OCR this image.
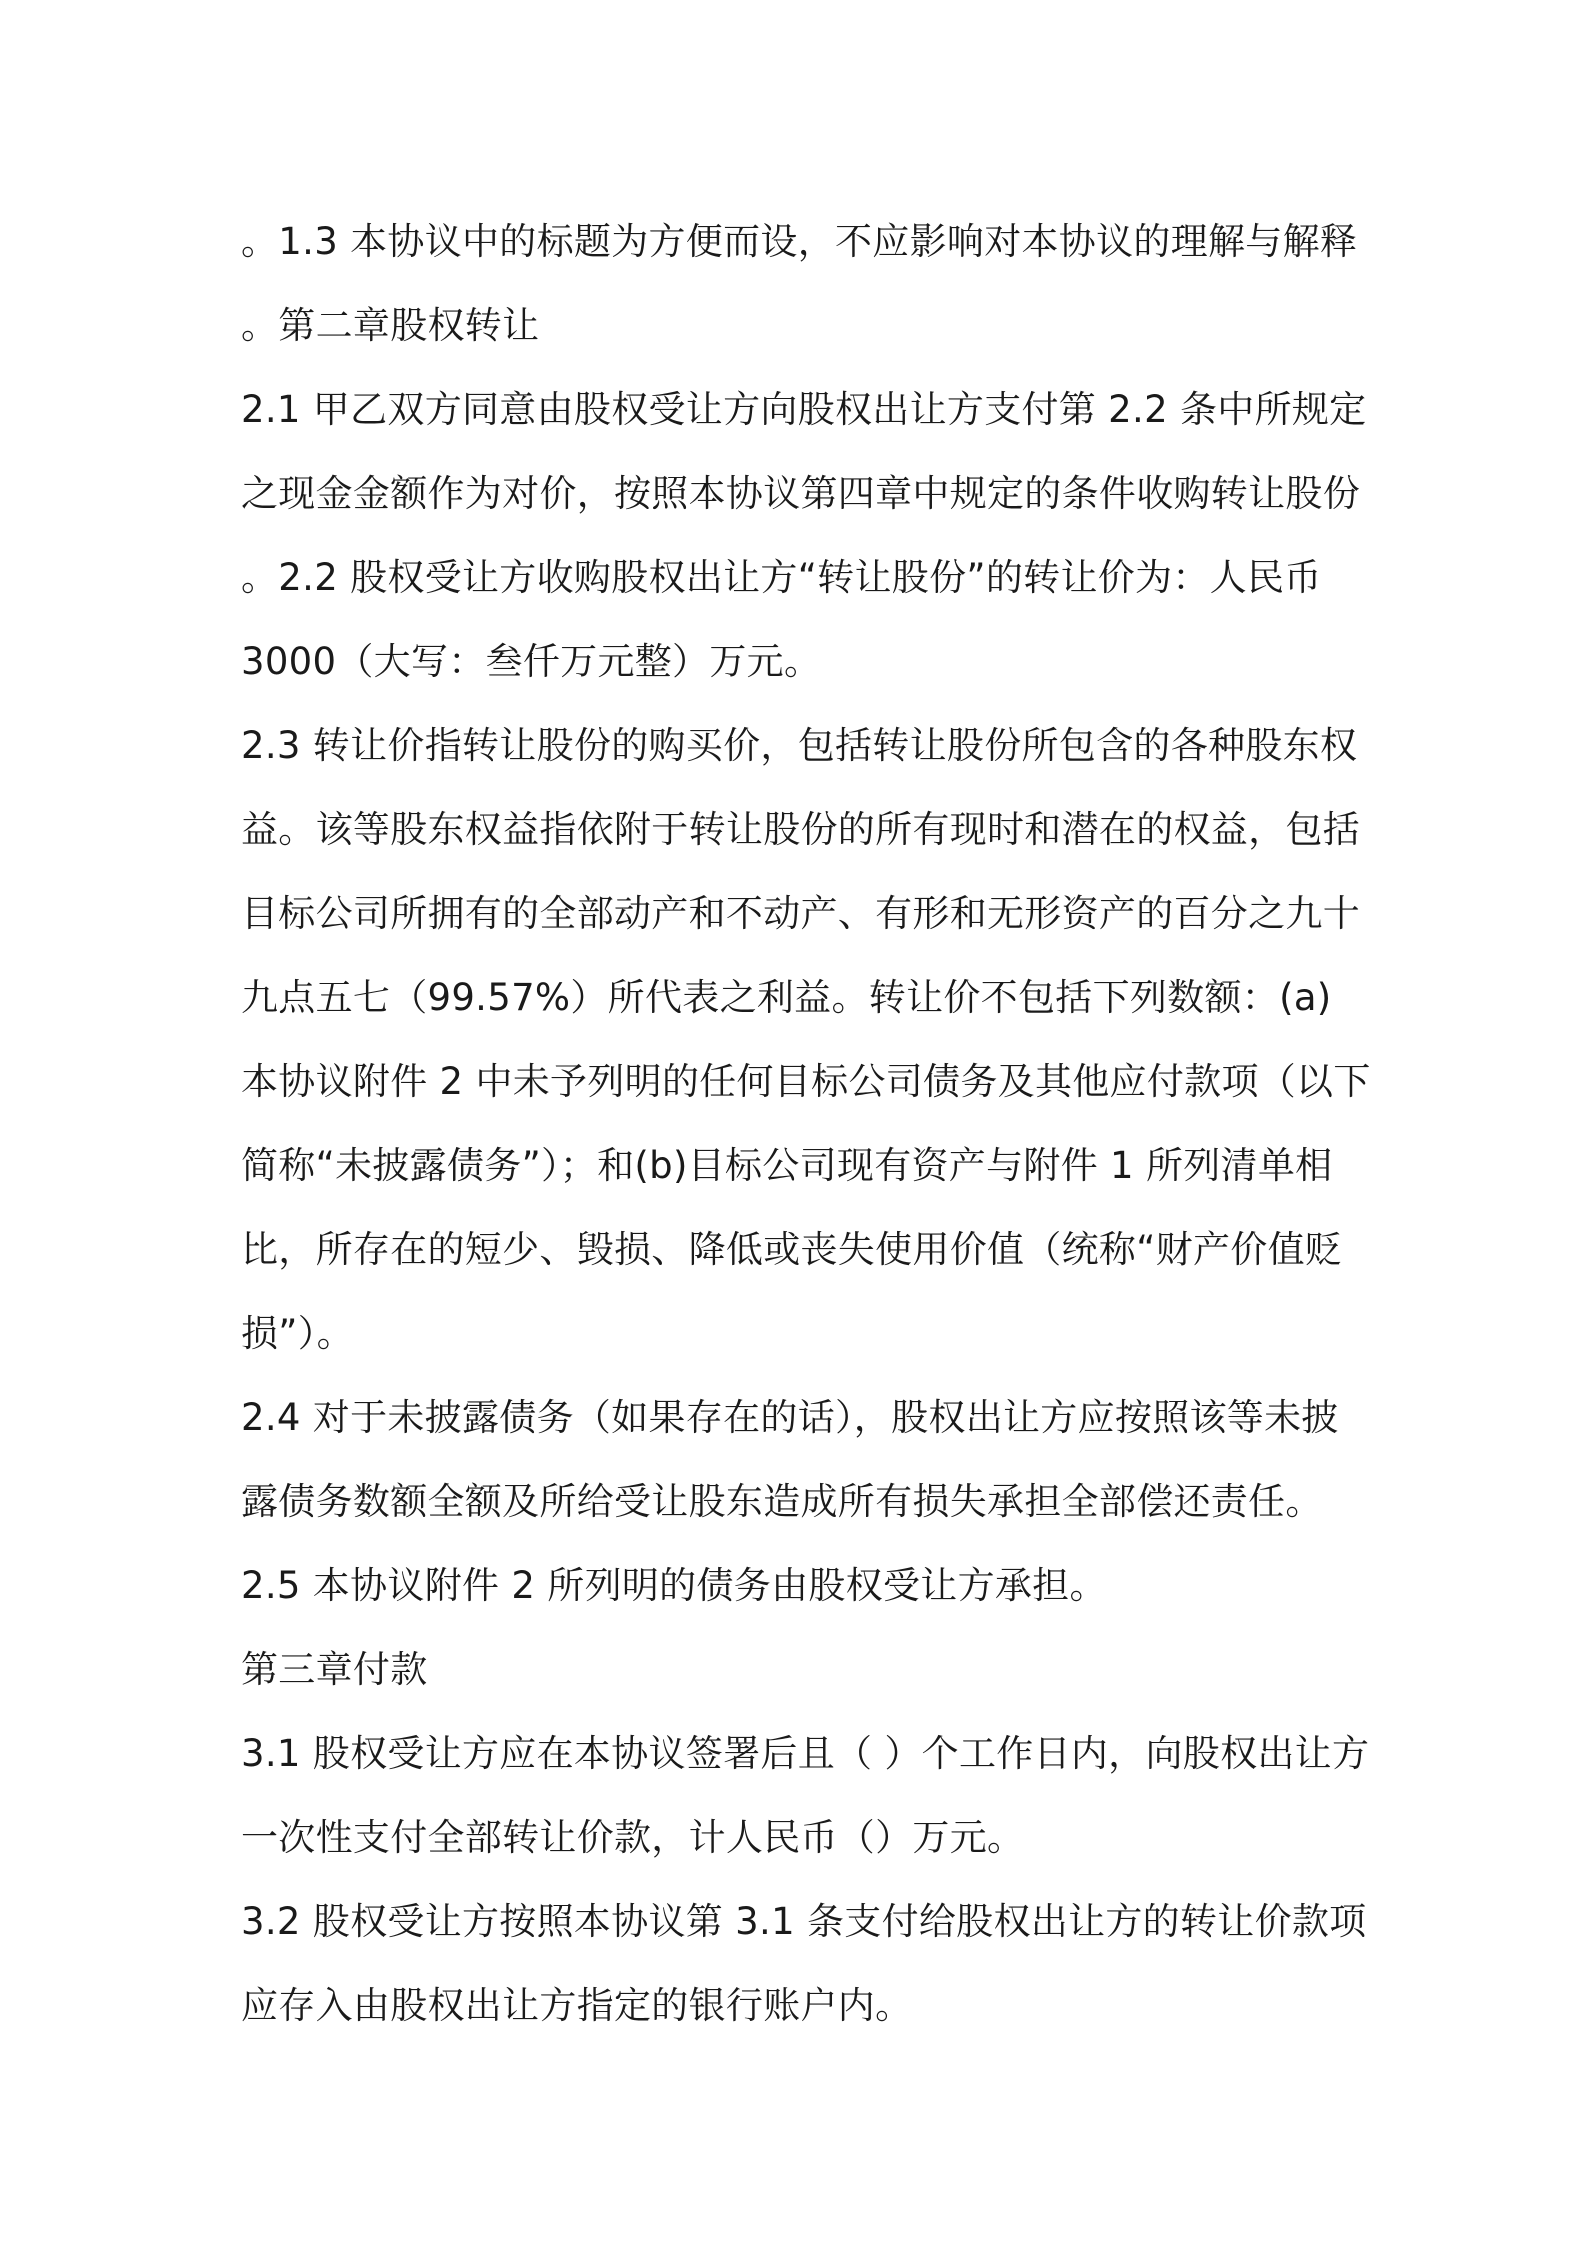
。1.3 本协议中的标题为方便而设，不应影响对本协议的理解与解释
。第二章股权转让
2.1 甲乙双方同意由股权受让方向股权出让方支付第 2.2 条中所规定
之现金金额作为对价，按照本协议第四章中规定的条件收购转让股份
。2.2 股权受让方收购股权出让方“转让股份”的转让价为：人民币
3000（大写：叁仟万元整）万元。
2.3 转让价指转让股份的购买价，包括转让股份所包含的各种股东权
益。该等股东权益指依附于转让股份的所有现时和潜在的权益，包括
目标公司所拥有的全部动产和不动产、有形和无形资产的百分之九十
九点五七（99.57%）所代表之利益。转让价不包括下列数额：(a)
本协议附件 2 中未予列明的任何目标公司债务及其他应付款项（以下
简称“未披露债务”）；和(b)目标公司现有资产与附件 1 所列清单相
比，所存在的短少、毁损、降低或丧失使用价值（统称“财产价值贬
损”）。
2.4 对于未披露债务（如果存在的话），股权出让方应按照该等未披
露债务数额全额及所给受让股东造成所有损失承担全部偿还责任。
2.5 本协议附件 2 所列明的债务由股权受让方承担。
第三章付款
3.1 股权受让方应在本协议签署后且（ ）个工作日内，向股权出让方
一次性支付全部转让价款，计人民币（）万元。
3.2 股权受让方按照本协议第 3.1 条支付给股权出让方的转让价款项
应存入由股权出让方指定的银行账户内。
